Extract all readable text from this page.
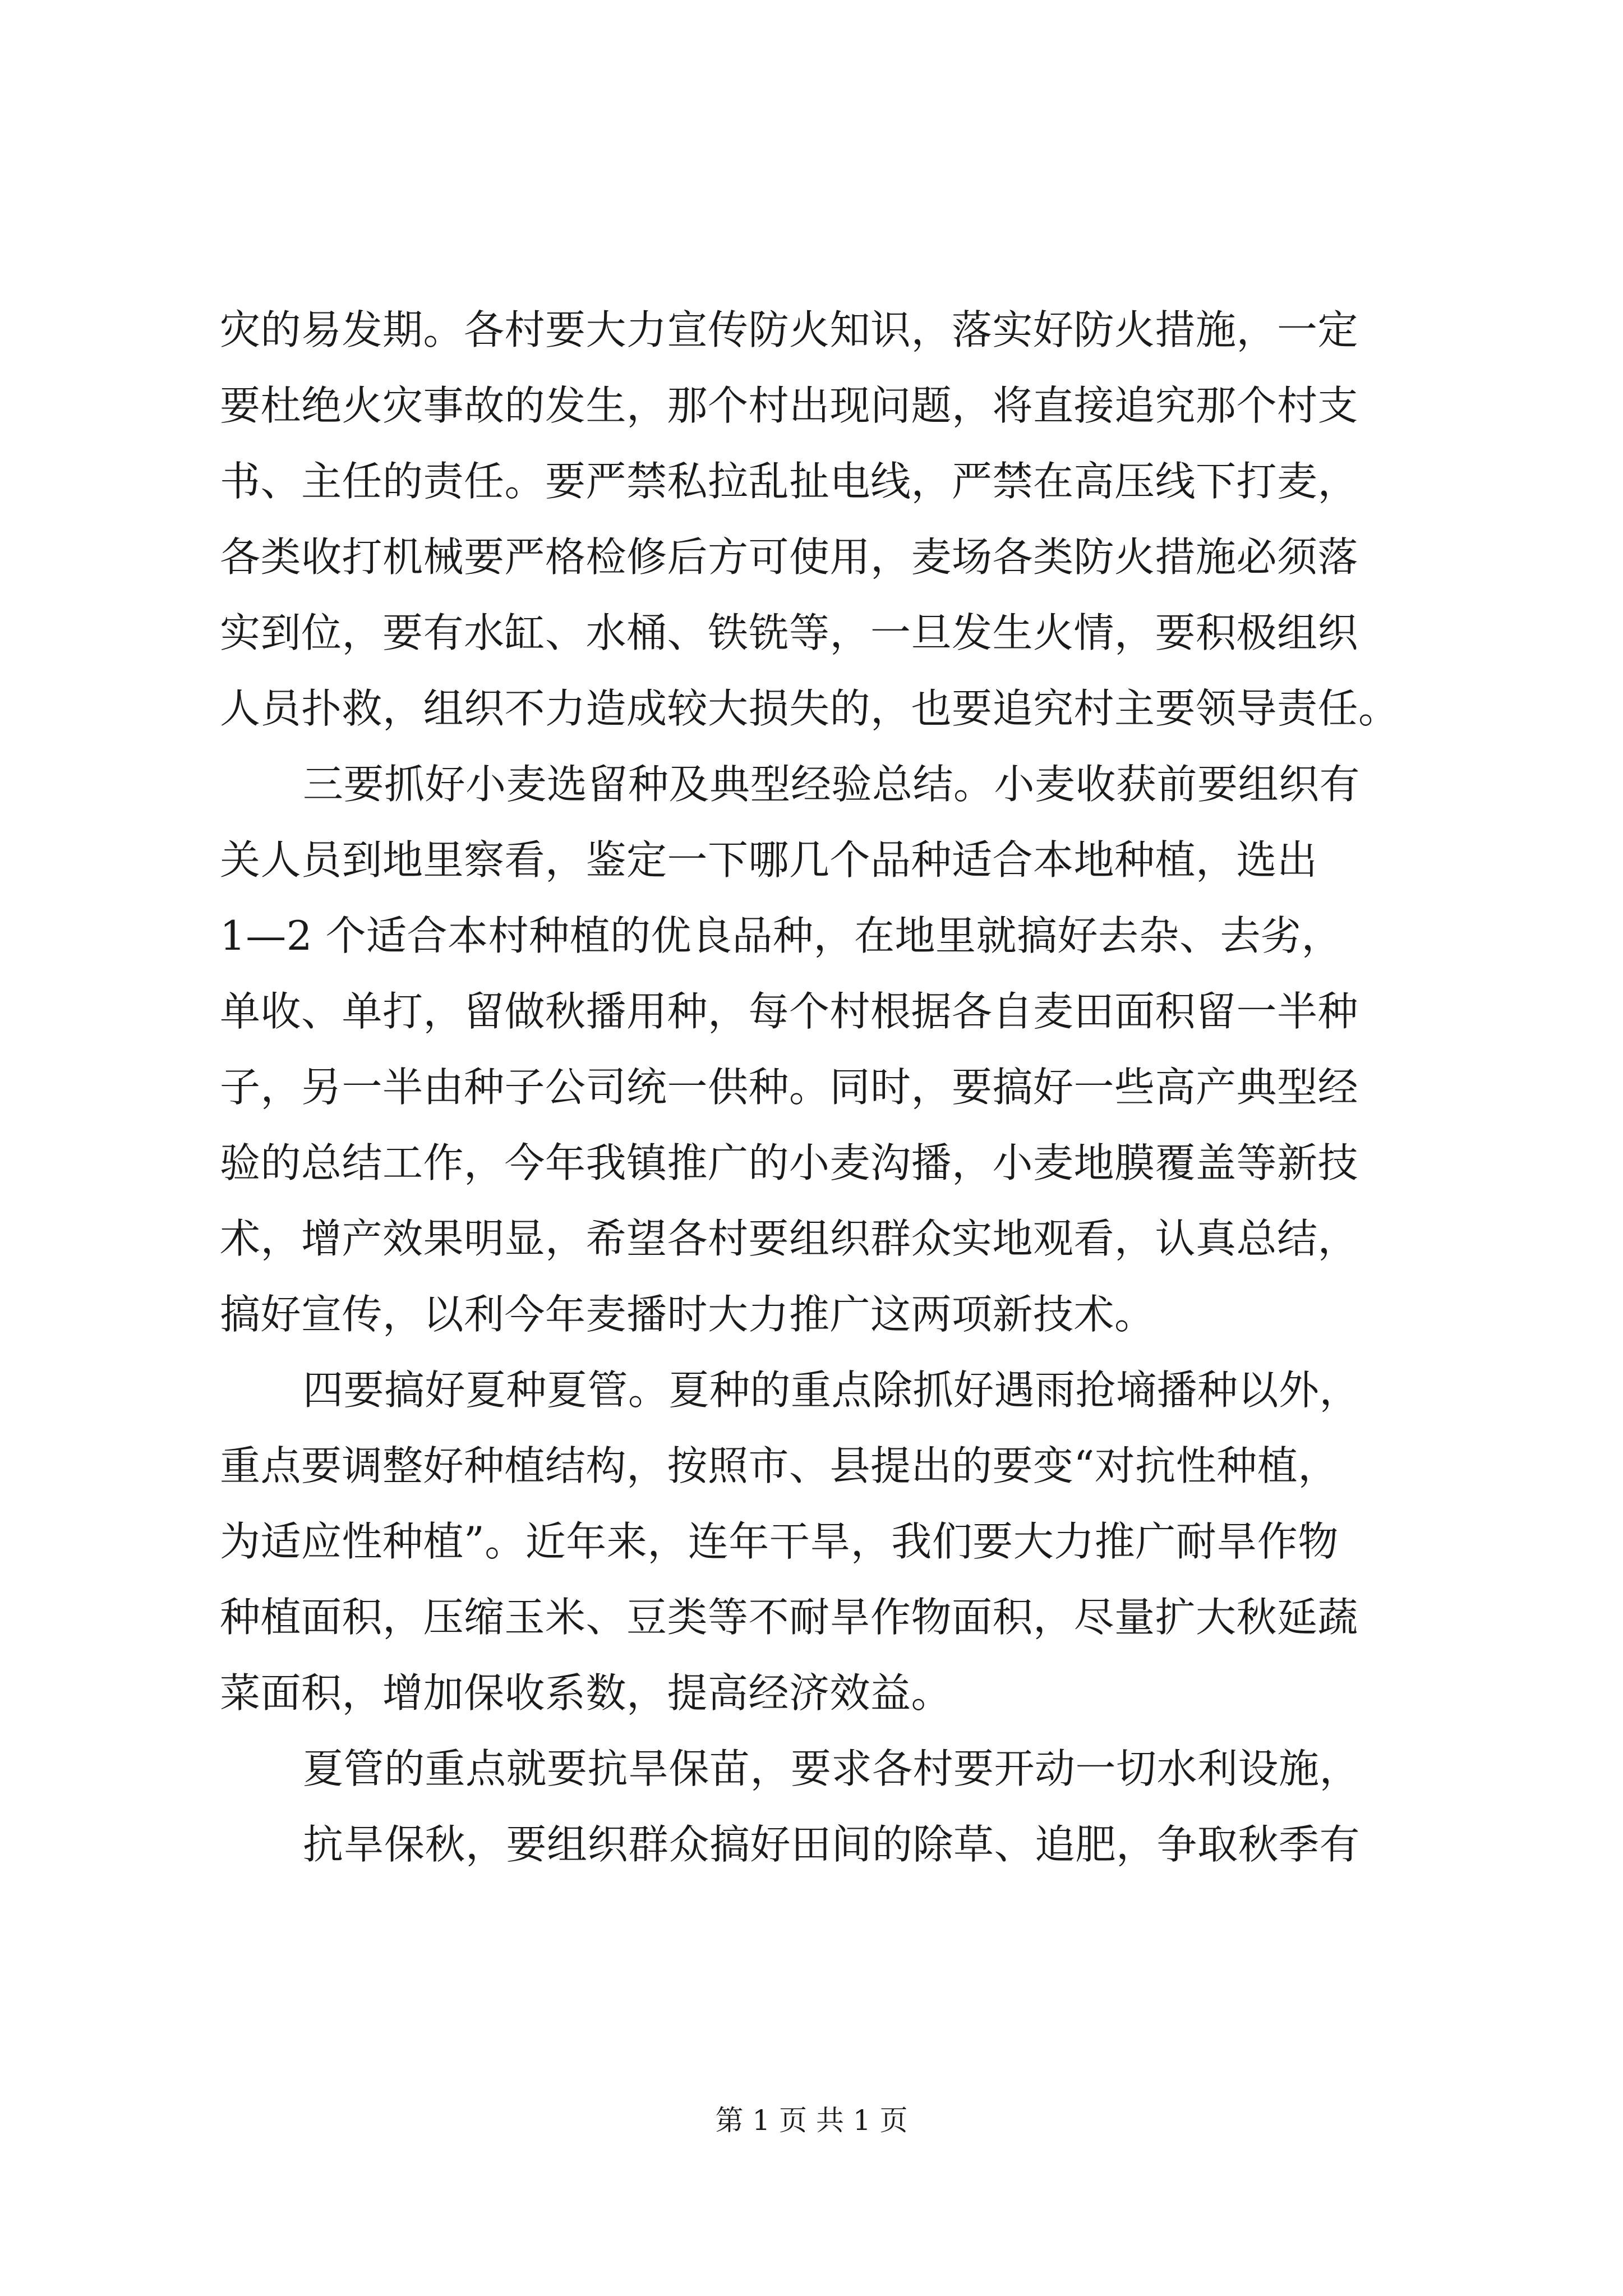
灾的易发期。各村要大力宣传防火知识，落实好防火措施，一定
要杜绝火灾事故的发生，那个村出现问题，将直接追究那个村支
书、主任的责任。要严禁私拉乱扯电线，严禁在高压线下打麦，
各类收打机械要严格检修后方可使用，麦场各类防火措施必须落
实到位，要有水缸、水桶、铁铣等，一旦发生火情，要积极组织
人员扑救，组织不力造成较大损失的，也要追究村主要领导责任。
三要抓好小麦选留种及典型经验总结。小麦收获前要组织有
关人员到地里察看，鉴定一下哪几个品种适合本地种植，选出
1—2 个适合本村种植的优良品种，在地里就搞好去杂、去劣，
单收、单打，留做秋播用种，每个村根据各自麦田面积留一半种
子，另一半由种子公司统一供种。同时，要搞好一些高产典型经
验的总结工作，今年我镇推广的小麦沟播，小麦地膜覆盖等新技
术，增产效果明显，希望各村要组织群众实地观看，认真总结，
搞好宣传，以利今年麦播时大力推广这两项新技术。
四要搞好夏种夏管。夏种的重点除抓好遇雨抢墒播种以外，
重点要调整好种植结构，按照市、县提出的要变“对抗性种植，
为适应性种植”。近年来，连年干旱，我们要大力推广耐旱作物
种植面积，压缩玉米、豆类等不耐旱作物面积，尽量扩大秋延蔬
菜面积，增加保收系数，提高经济效益。
夏管的重点就要抗旱保苗，要求各村要开动一切水利设施，
抗旱保秋，要组织群众搞好田间的除草、追肥，争取秋季有
第 1 页 共 1 页
